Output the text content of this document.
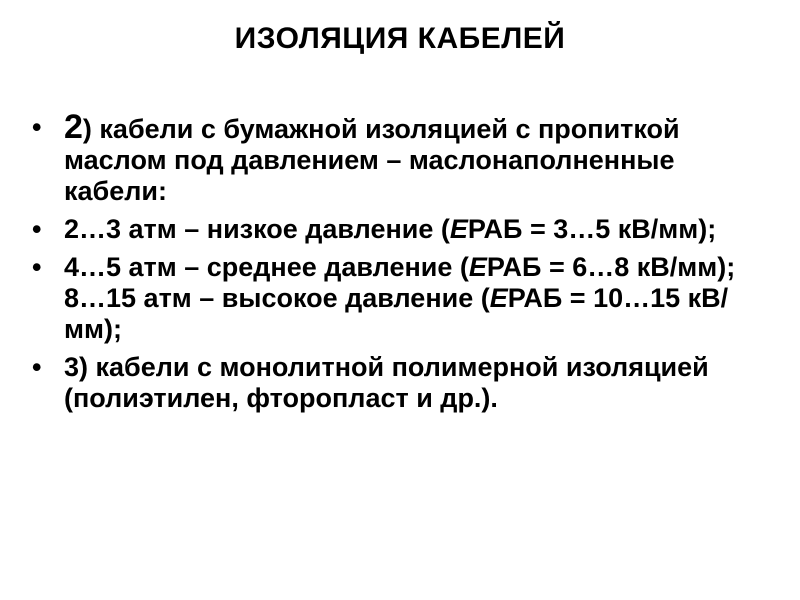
ИЗОЛЯЦИЯ КАБЕЛЕЙ
• 2) кабели с бумажной изоляцией с пропиткой маслом под давлением – маслонаполненные кабели:
• 2…3 атм – низкое давление (ЕРАБ = 3…5 кВ/мм);
• 4…5 атм – среднее давление (ЕРАБ = 6…8 кВ/мм); 8…15 атм – высокое давление (ЕРАБ = 10…15 кВ/мм);
• 3) кабели с монолитной полимерной изоляцией (полиэтилен, фторопласт и др.).
